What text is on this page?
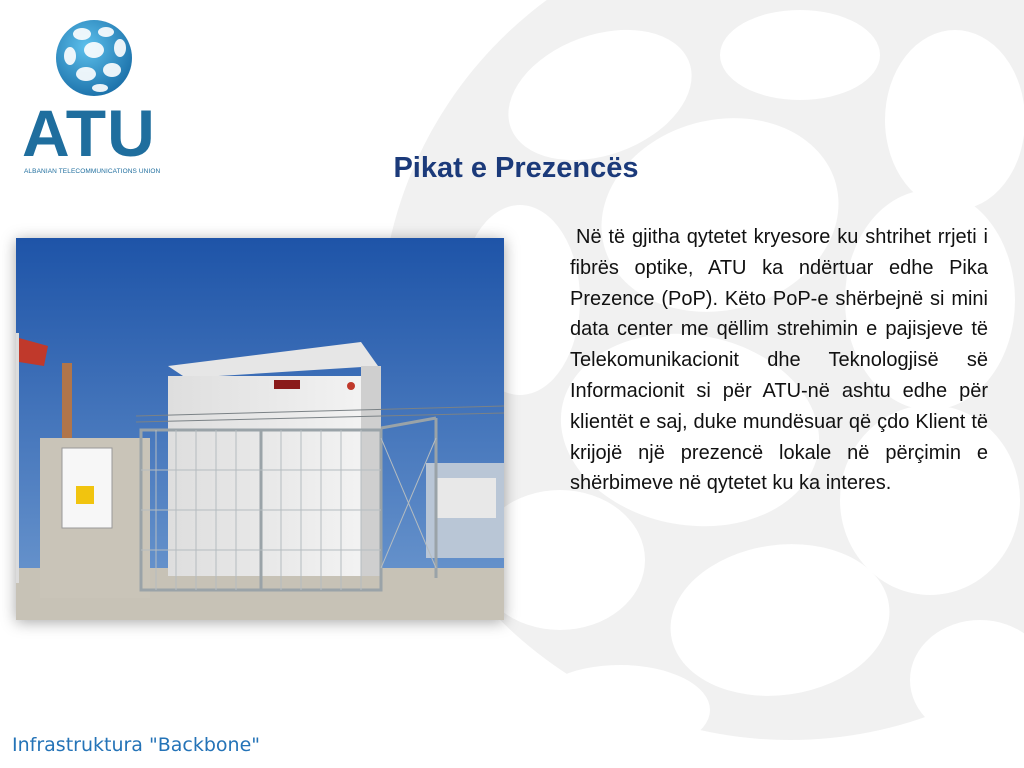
ATU
ALBANIAN TELECOMMUNICATIONS UNION	Pikat e Prezencës

Në të gjitha qytetet kryesore ku shtrihet rrjeti i fibrës optike, ATU ka ndërtuar edhe Pika Prezence (PoP). Këto PoP-e shërbejnë si mini data center me qëllim strehimin e pajisjeve të Telekomunikacionit dhe Teknologjisë së Informacionit si për ATU-në ashtu edhe për klientët e saj, duke mundësuar që çdo Klient të krijojë një prezencë lokale në përçimin e shërbimeve në qytetet ku ka interes.

Infrastruktura "Backbone"
